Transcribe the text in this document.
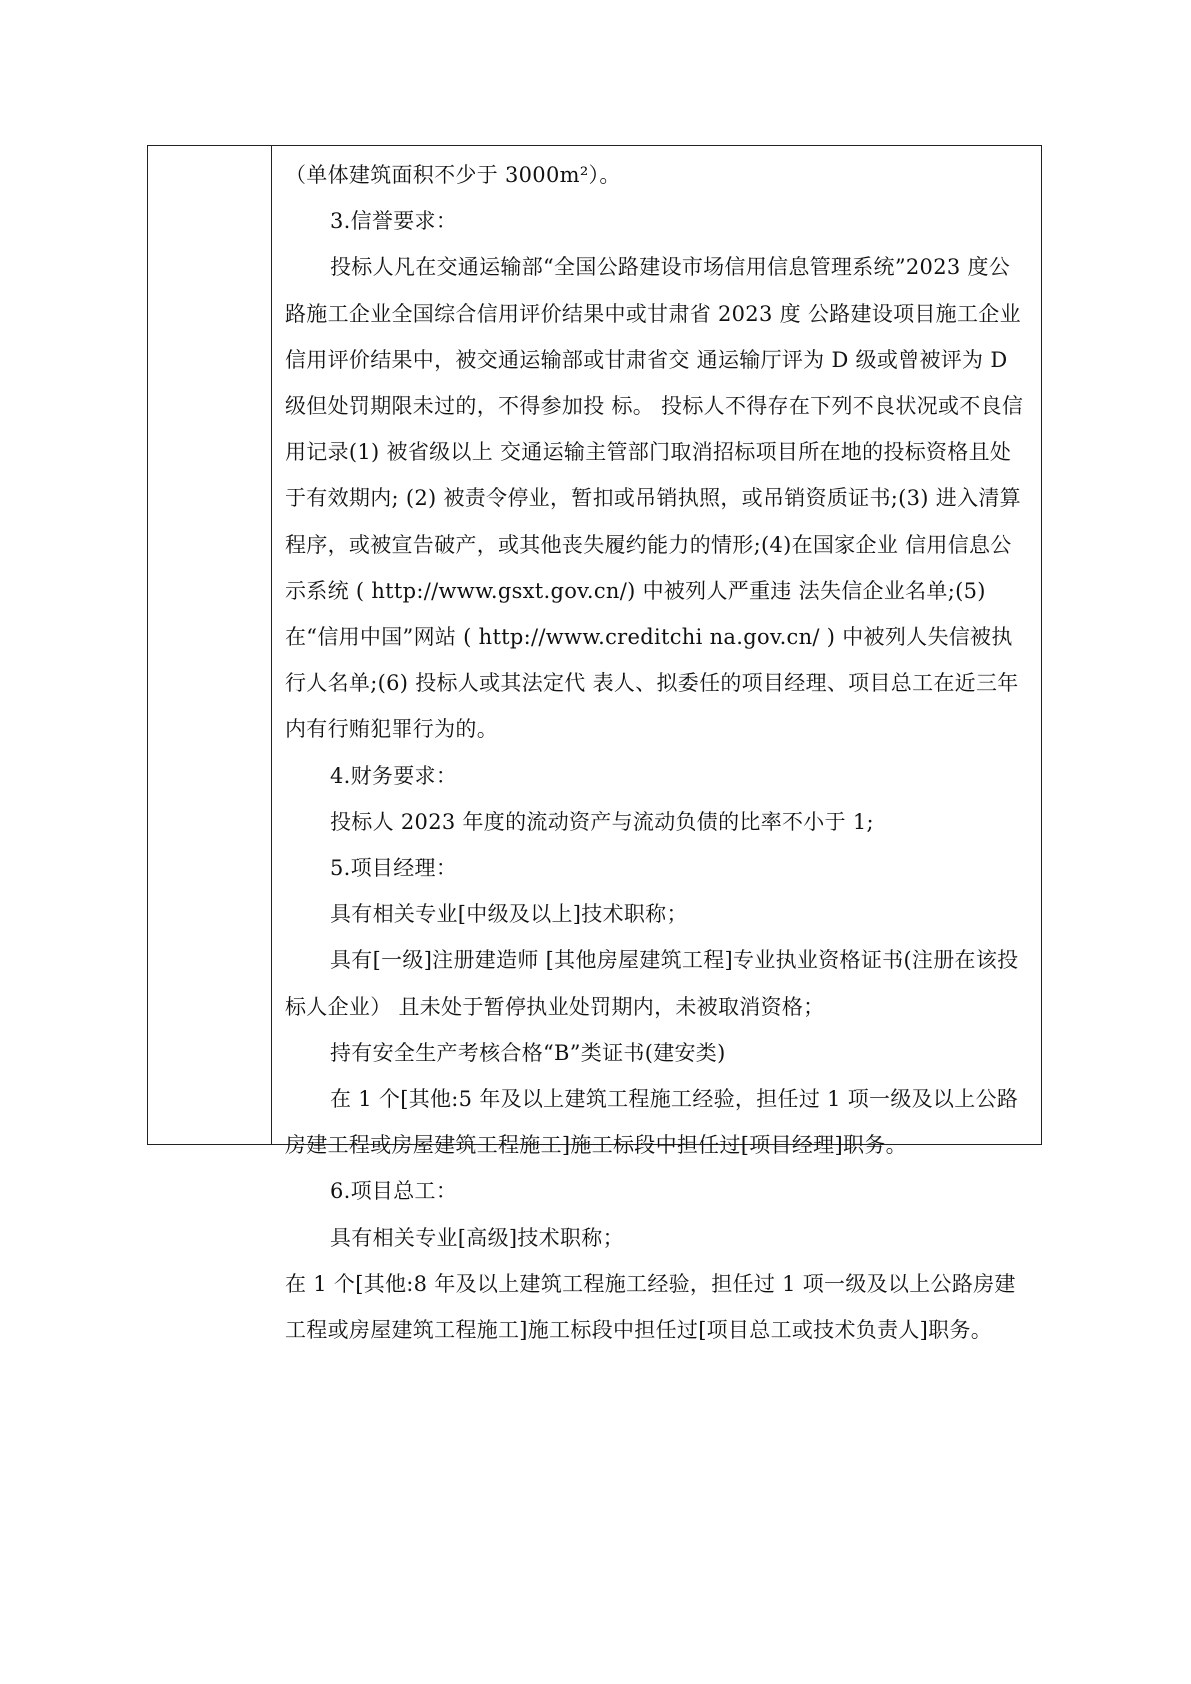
（单体建筑面积不少于 3000m²）。

3.信誉要求：

投标人凡在交通运输部“全国公路建设市场信用信息管理系统”2023 度公路施工企业全国综合信用评价结果中或甘肃省 2023 度 公路建设项目施工企业信用评价结果中，被交通运输部或甘肃省交 通运输厅评为 D 级或曾被评为 D 级但处罚期限未过的，不得参加投 标。 投标人不得存在下列不良状况或不良信用记录(1) 被省级以上 交通运输主管部门取消招标项目所在地的投标资格且处于有效期内; (2) 被责令停业，暂扣或吊销执照，或吊销资质证书;(3) 进入清算 程序，或被宣告破产，或其他丧失履约能力的情形;(4)在国家企业 信用信息公示系统 ( http://www.gsxt.gov.cn/) 中被列人严重违 法失信企业名单;(5)在“信用中国”网站 ( http://www.creditchi na.gov.cn/ ) 中被列人失信被执行人名单;(6) 投标人或其法定代 表人、拟委任的项目经理、项目总工在近三年内有行贿犯罪行为的。

4.财务要求：

投标人 2023 年度的流动资产与流动负债的比率不小于 1;

5.项目经理：

具有相关专业[中级及以上]技术职称；

具有[一级]注册建造师 [其他房屋建筑工程]专业执业资格证书(注册在该投标人企业） 且未处于暂停执业处罚期内，未被取消资格；

持有安全生产考核合格“B”类证书(建安类)

在 1 个[其他:5 年及以上建筑工程施工经验，担任过 1 项一级及以上公路房建工程或房屋建筑工程施工]施工标段中担任过[项目经理]职务。

6.项目总工：

具有相关专业[高级]技术职称；

在 1 个[其他:8 年及以上建筑工程施工经验，担任过 1 项一级及以上公路房建工程或房屋建筑工程施工]施工标段中担任过[项目总工或技术负责人]职务。
